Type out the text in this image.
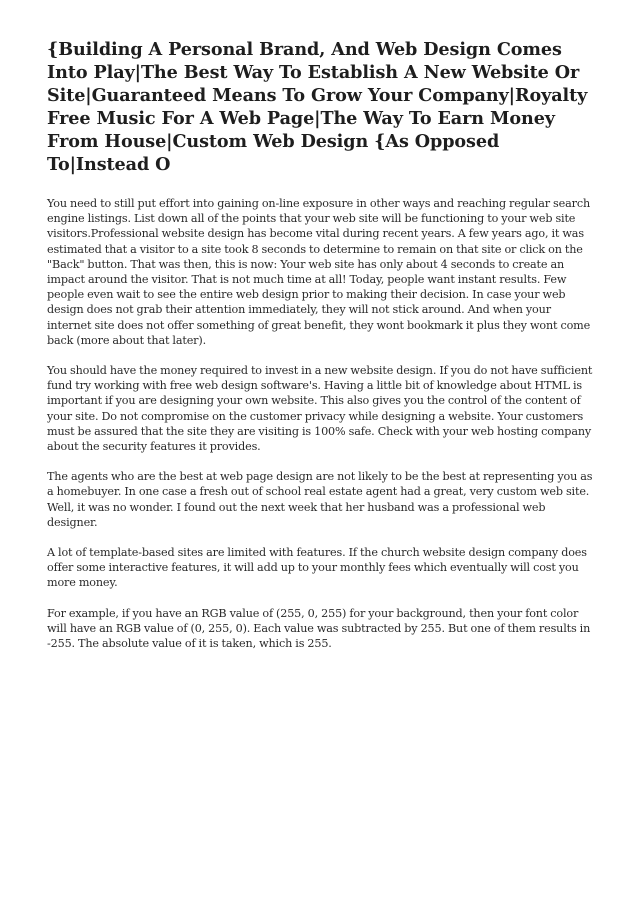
{Building A Personal Brand, And Web Design Comes Into Play|The Best Way To Establish A New Website Or Site|Guaranteed Means To Grow Your Company|Royalty Free Music For A Web Page|The Way To Earn Money From House|Custom Web Design {As Opposed To|Instead O

You need to still put effort into gaining on-line exposure in other ways and reaching regular search engine listings. List down all of the points that your web site will be functioning to your web site visitors.Professional website design has become vital during recent years. A few years ago, it was estimated that a visitor to a site took 8 seconds to determine to remain on that site or click on the "Back" button. That was then, this is now: Your web site has only about 4 seconds to create an impact around the visitor. That is not much time at all! Today, people want instant results. Few people even wait to see the entire web design prior to making their decision. In case your web design does not grab their attention immediately, they will not stick around. And when your internet site does not offer something of great benefit, they wont bookmark it plus they wont come back (more about that later).

You should have the money required to invest in a new website design. If you do not have sufficient fund try working with free web design software's. Having a little bit of knowledge about HTML is important if you are designing your own website. This also gives you the control of the content of your site. Do not compromise on the customer privacy while designing a website. Your customers must be assured that the site they are visiting is 100% safe. Check with your web hosting company about the security features it provides.

The agents who are the best at web page design are not likely to be the best at representing you as a homebuyer. In one case a fresh out of school real estate agent had a great, very custom web site. Well, it was no wonder. I found out the next week that her husband was a professional web designer.

A lot of template-based sites are limited with features. If the church website design company does offer some interactive features, it will add up to your monthly fees which eventually will cost you more money.

For example, if you have an RGB value of (255, 0, 255) for your background, then your font color will have an RGB value of (0, 255, 0). Each value was subtracted by 255. But one of them results in -255. The absolute value of it is taken, which is 255.
